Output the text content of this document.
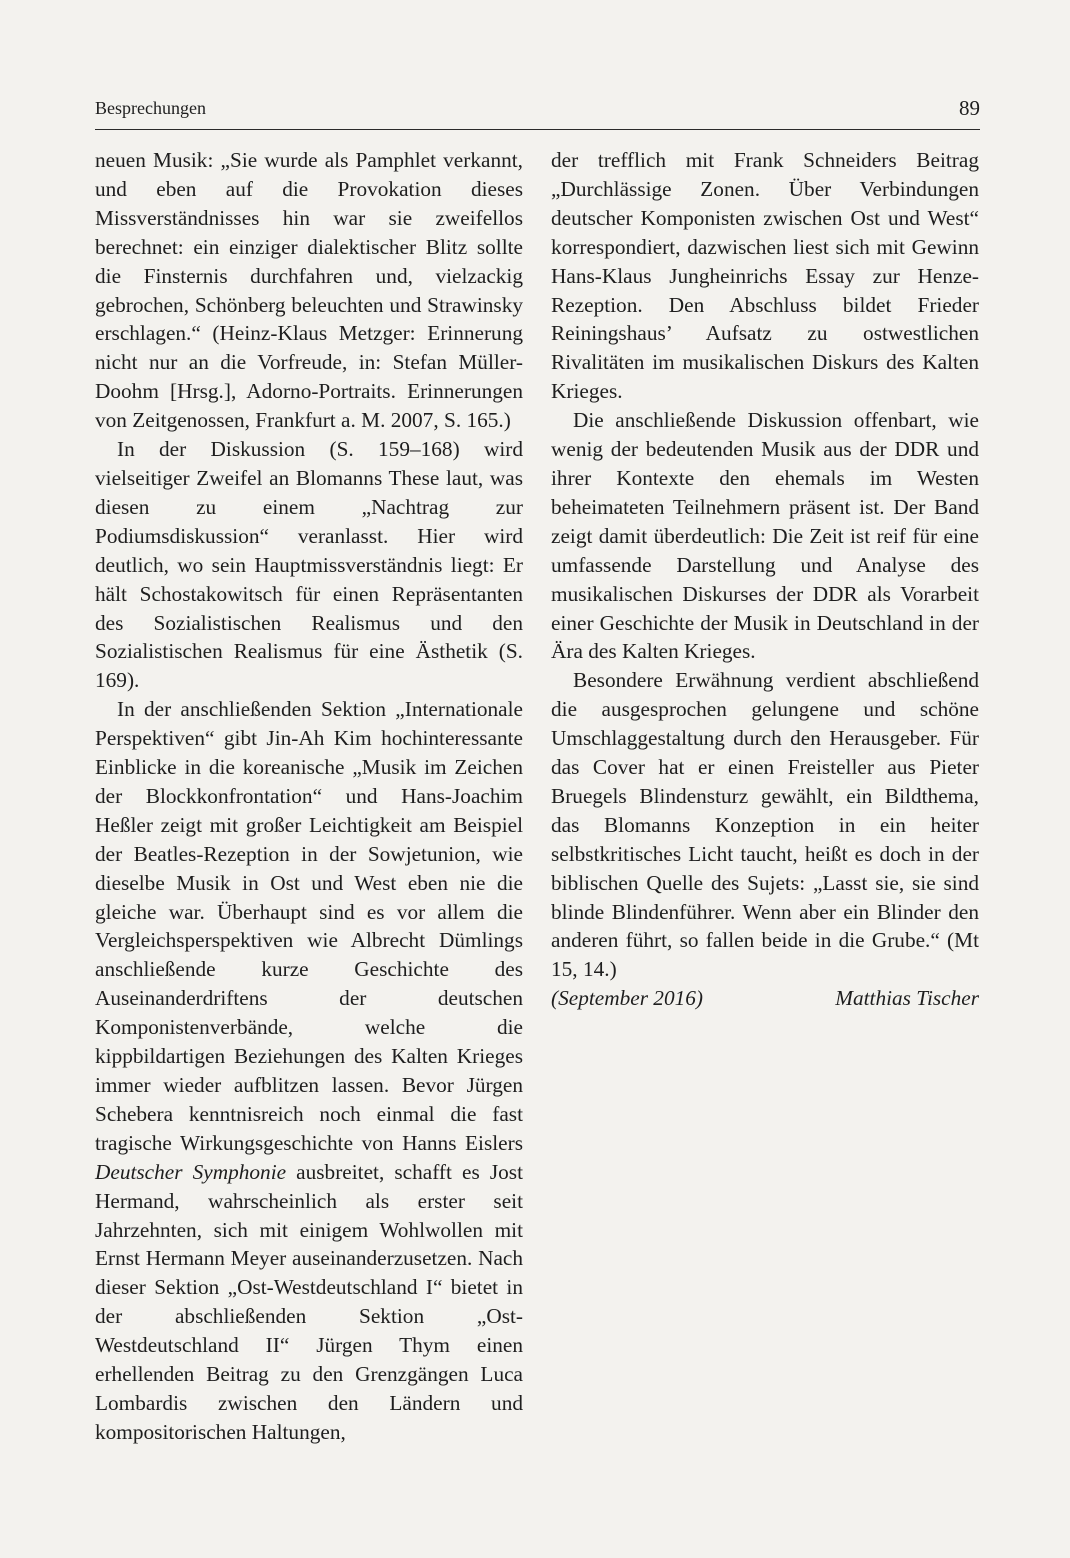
Besprechungen	89

neuen Musik: „Sie wurde als Pamphlet verkannt, und eben auf die Provokation dieses Missverständnisses hin war sie zweifellos berechnet: ein einziger dialektischer Blitz sollte die Finsternis durchfahren und, vielzackig gebrochen, Schönberg beleuchten und Strawinsky erschlagen.“ (Heinz-Klaus Metzger: Erinnerung nicht nur an die Vorfreude, in: Stefan Müller-Doohm [Hrsg.], Adorno-Portraits. Erinnerungen von Zeitgenossen, Frankfurt a. M. 2007, S. 165.)

In der Diskussion (S. 159–168) wird vielseitiger Zweifel an Blomanns These laut, was diesen zu einem „Nachtrag zur Podiumsdiskussion“ veranlasst. Hier wird deutlich, wo sein Hauptmissverständnis liegt: Er hält Schostakowitsch für einen Repräsentanten des Sozialistischen Realismus und den Sozialistischen Realismus für eine Ästhetik (S. 169).

In der anschließenden Sektion „Internationale Perspektiven“ gibt Jin-Ah Kim hochinteressante Einblicke in die koreanische „Musik im Zeichen der Blockkonfrontation“ und Hans-Joachim Heßler zeigt mit großer Leichtigkeit am Beispiel der Beatles-Rezeption in der Sowjetunion, wie dieselbe Musik in Ost und West eben nie die gleiche war. Überhaupt sind es vor allem die Vergleichsperspektiven wie Albrecht Dümlings anschließende kurze Geschichte des Auseinanderdriftens der deutschen Komponistenverbände, welche die kippbildartigen Beziehungen des Kalten Krieges immer wieder aufblitzen lassen. Bevor Jürgen Schebera kenntnisreich noch einmal die fast tragische Wirkungsgeschichte von Hanns Eislers Deutscher Symphonie ausbreitet, schafft es Jost Hermand, wahrscheinlich als erster seit Jahrzehnten, sich mit einigem Wohlwollen mit Ernst Hermann Meyer auseinanderzusetzen. Nach dieser Sektion „Ost-Westdeutschland I“ bietet in der abschließenden Sektion „Ost-Westdeutschland II“ Jürgen Thym einen erhellenden Beitrag zu den Grenzgängen Luca Lombardis zwischen den Ländern und kompositorischen Haltungen,

der trefflich mit Frank Schneiders Beitrag „Durchlässige Zonen. Über Verbindungen deutscher Komponisten zwischen Ost und West“ korrespondiert, dazwischen liest sich mit Gewinn Hans-Klaus Jungheinrichs Essay zur Henze-Rezeption. Den Abschluss bildet Frieder Reiningshaus’ Aufsatz zu ostwestlichen Rivalitäten im musikalischen Diskurs des Kalten Krieges.

Die anschließende Diskussion offenbart, wie wenig der bedeutenden Musik aus der DDR und ihrer Kontexte den ehemals im Westen beheimateten Teilnehmern präsent ist. Der Band zeigt damit überdeutlich: Die Zeit ist reif für eine umfassende Darstellung und Analyse des musikalischen Diskurses der DDR als Vorarbeit einer Geschichte der Musik in Deutschland in der Ära des Kalten Krieges.

Besondere Erwähnung verdient abschließend die ausgesprochen gelungene und schöne Umschlaggestaltung durch den Herausgeber. Für das Cover hat er einen Freisteller aus Pieter Bruegels Blindensturz gewählt, ein Bildthema, das Blomanns Konzeption in ein heiter selbstkritisches Licht taucht, heißt es doch in der biblischen Quelle des Sujets: „Lasst sie, sie sind blinde Blindenführer. Wenn aber ein Blinder den anderen führt, so fallen beide in die Grube.“ (Mt 15, 14.)

(September 2016)	Matthias Tischer
